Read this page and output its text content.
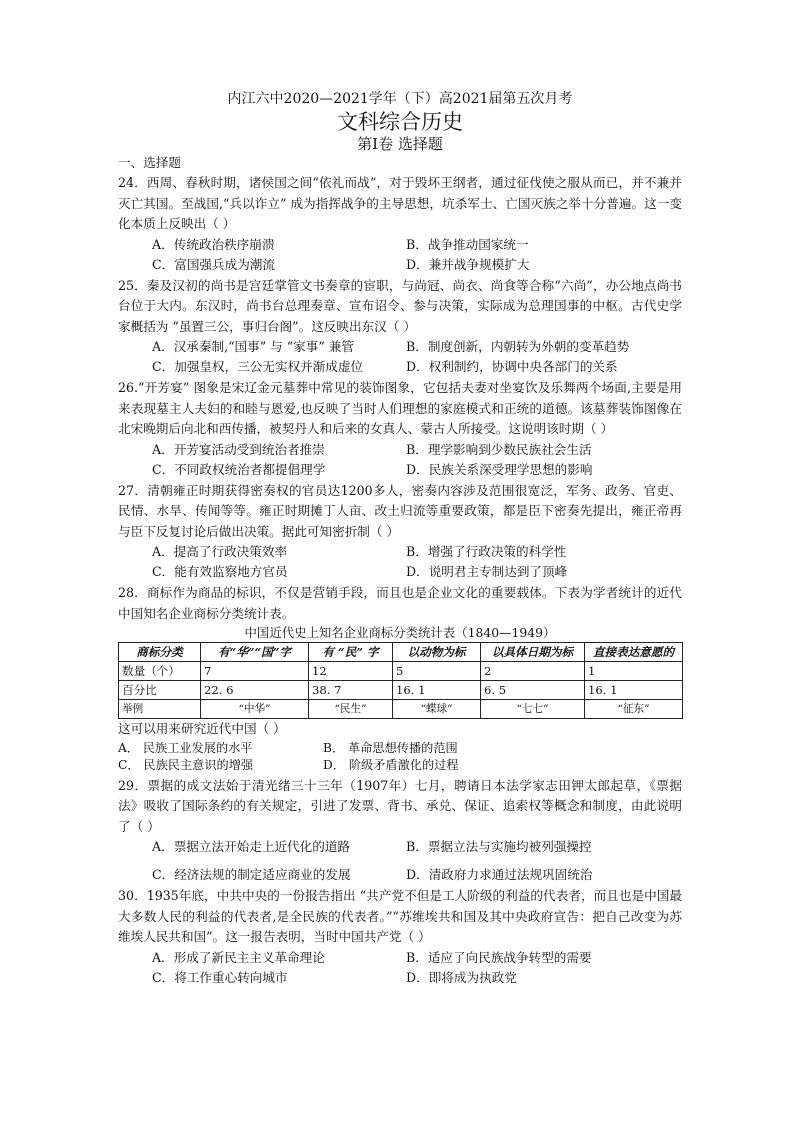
内江六中2020—2021学年（下）高2021届第五次月考
文科综合历史
第Ⅰ卷 选择题
一、选择题
24．西周、春秋时期，诸侯国之间“依礼而战”，对于毁坏王纲者，通过征伐使之服从而已，并不兼并灭亡其国。至战国,“兵以诈立” 成为指挥战争的主导思想，坑杀军士、亡国灭族之举十分普遍。这一变化本质上反映出（ ）
A．传统政治秩序崩溃	B．战争推动国家统一
C．富国强兵成为潮流	D．兼并战争规模扩大
25．秦及汉初的尚书是宫廷掌管文书奏章的宦职，与尚冠、尚衣、尚食等合称“六尚”，办公地点尚书台位于大内。东汉时，尚书台总理奏章、宣布诏令、参与决策，实际成为总理国事的中枢。古代史学家概括为 “虽置三公，事归台阁”。这反映出东汉（ ）
A．汉承秦制,“国事” 与 “家事” 兼管	B．制度创新，内朝转为外朝的变革趋势
C．加强皇权，三公无实权并渐成虚位	D．权利制约，协调中央各部门的关系
26.“开芳宴” 图象是宋辽金元墓葬中常见的装饰图象，它包括夫妻对坐宴饮及乐舞两个场面,主要是用来表现墓主人夫妇的和睦与恩爱,也反映了当时人们理想的家庭模式和正统的道德。该墓葬装饰图像在北宋晚期后向北和西传播，被契丹人和后来的女真人、蒙古人所接受。这说明该时期（ ）
A．开芳宴活动受到统治者推崇	B．理学影响到少数民族社会生活
C．不同政权统治者都提倡理学	D．民族关系深受理学思想的影响
27．清朝雍正时期获得密奏权的官员达1200多人，密奏内容涉及范围很宽泛，军务、政务、官吏、民情、水旱、传闻等等。雍正时期摊丁人亩、改土归流等重要政策，都是臣下密奏先提出，雍正帝再与臣下反复讨论后做出决策。据此可知密折制（ ）
A．提高了行政决策效率	B．增强了行政决策的科学性
C．能有效监察地方官员	D．说明君主专制达到了顶峰
28．商标作为商品的标识，不仅是营销手段，而且也是企业文化的重要载体。下表为学者统计的近代中国知名企业商标分类统计表。
中国近代史上知名企业商标分类统计表（1840—1949）
商标分类	有“华”“国”字	有 “民” 字	以动物为标	以具体日期为标	直接表达意愿的
数量（个）	7	12	5	2	1
百分比	22. 6	38. 7	16. 1	6. 5	16. 1
举例	“中华”	“民生”	“蝶球”	“七七”	“征东”
这可以用来研究近代中国（ ）
A． 民族工业发展的水平	B． 革命思想传播的范围
C． 民族民主意识的增强	D． 阶级矛盾激化的过程
29．票据的成文法始于清光绪三十三年（1907年）七月，聘请日本法学家志田钾太郎起草，《票据法》吸收了国际条约的有关规定，引进了发票、背书、承兑、保证、追索权等概念和制度，由此说明了（ ）
A．票据立法开始走上近代化的道路	B．票据立法与实施均被列强操控
C．经济法规的制定适应商业的发展	D．清政府力求通过法规巩固统治
30．1935年底，中共中央的一份报告指出 “共产党不但是工人阶级的利益的代表者，而且也是中国最大多数人民的利益的代表者,是全民族的代表者。”“苏维埃共和国及其中央政府宣告：把自己改变为苏维埃人民共和国”。这一报告表明，当时中国共产党（ ）
A．形成了新民主主义革命理论	B．适应了向民族战争转型的需要
C．将工作重心转向城市	D．即将成为执政党
